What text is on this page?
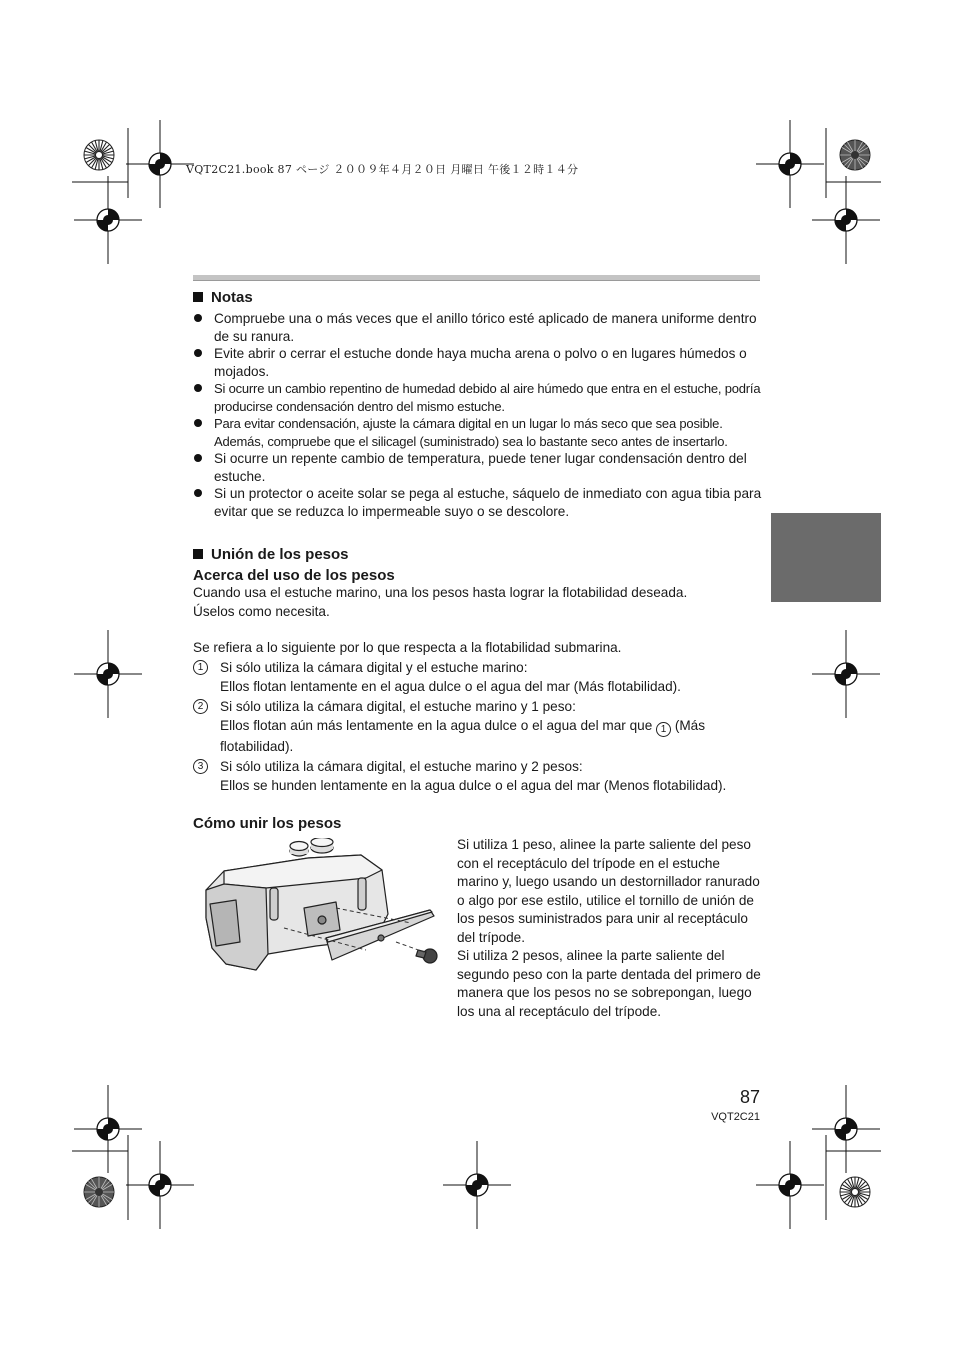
VQT2C21.book 87 ページ ２００９年４月２０日 月曜日 午後１２時１４分
Notas
Compruebe una o más veces que el anillo tórico esté aplicado de manera uniforme dentro de su ranura.
Evite abrir o cerrar el estuche donde haya mucha arena o polvo o en lugares húmedos o mojados.
Si ocurre un cambio repentino de humedad debido al aire húmedo que entra en el estuche, podría producirse condensación dentro del mismo estuche.
Para evitar condensación, ajuste la cámara digital en un lugar lo más seco que sea posible. Además, compruebe que el silicagel (suministrado) sea lo bastante seco antes de insertarlo.
Si ocurre un repente cambio de temperatura, puede tener lugar condensación dentro del estuche.
Si un protector o aceite solar se pega al estuche, sáquelo de inmediato con agua tibia para evitar que se reduzca lo impermeable suyo o se descolore.
Unión de los pesos
Acerca del uso de los pesos
Cuando usa el estuche marino, una los pesos hasta lograr la flotabilidad deseada.
Úselos como necesita.
Se refiera a lo siguiente por lo que respecta a la flotabilidad submarina.
1	Si sólo utiliza la cámara digital y el estuche marino:
Ellos flotan lentamente en el agua dulce o el agua del mar (Más flotabilidad).
2	Si sólo utiliza la cámara digital, el estuche marino y 1 peso:
Ellos flotan aún más lentamente en la agua dulce o el agua del mar que 1 (Más flotabilidad).
3	Si sólo utiliza la cámara digital, el estuche marino y 2 pesos:
Ellos se hunden lentamente en la agua dulce o el agua del mar (Menos flotabilidad).
Cómo unir los pesos
Si utiliza 1 peso, alinee la parte saliente del peso con el receptáculo del trípode en el estuche marino y, luego usando un destornillador ranurado o algo por ese estilo, utilice el tornillo de unión de los pesos suministrados para unir al receptáculo del trípode.
Si utiliza 2 pesos, alinee la parte saliente del segundo peso con la parte dentada del primero de manera que los pesos no se sobrepongan, luego los una al receptáculo del trípode.
87
VQT2C21
